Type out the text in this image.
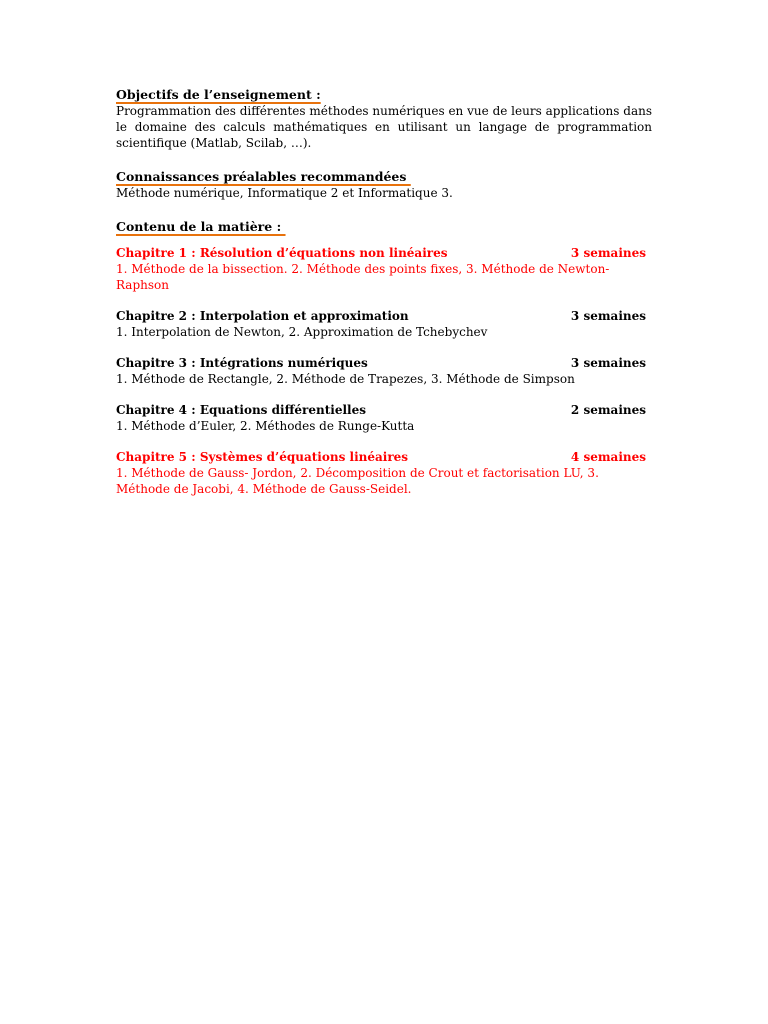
Objectifs de l’enseignement :

Programmation des différentes méthodes numériques en vue de leurs applications dans le domaine des calculs mathématiques en utilisant un langage de programmation scientifique (Matlab, Scilab, …).

Connaissances préalables recommandées

Méthode numérique, Informatique 2 et Informatique 3.

Contenu de la matière :
Chapitre 1 : Résolution d’équations non linéaires	3 semaines

1. Méthode de la bissection. 2. Méthode des points fixes, 3. Méthode de Newton-Raphson

Chapitre 2 : Interpolation et approximation	3 semaines

1. Interpolation de Newton, 2. Approximation de Tchebychev

Chapitre 3 : Intégrations numériques	3 semaines

1. Méthode de Rectangle, 2. Méthode de Trapezes, 3. Méthode de Simpson

Chapitre 4 : Equations différentielles	2 semaines

1. Méthode d’Euler, 2. Méthodes de Runge-Kutta

Chapitre 5 : Systèmes d’équations linéaires	4 semaines

1. Méthode de Gauss- Jordon, 2. Décomposition de Crout et factorisation LU, 3. Méthode de Jacobi, 4. Méthode de Gauss-Seidel.
